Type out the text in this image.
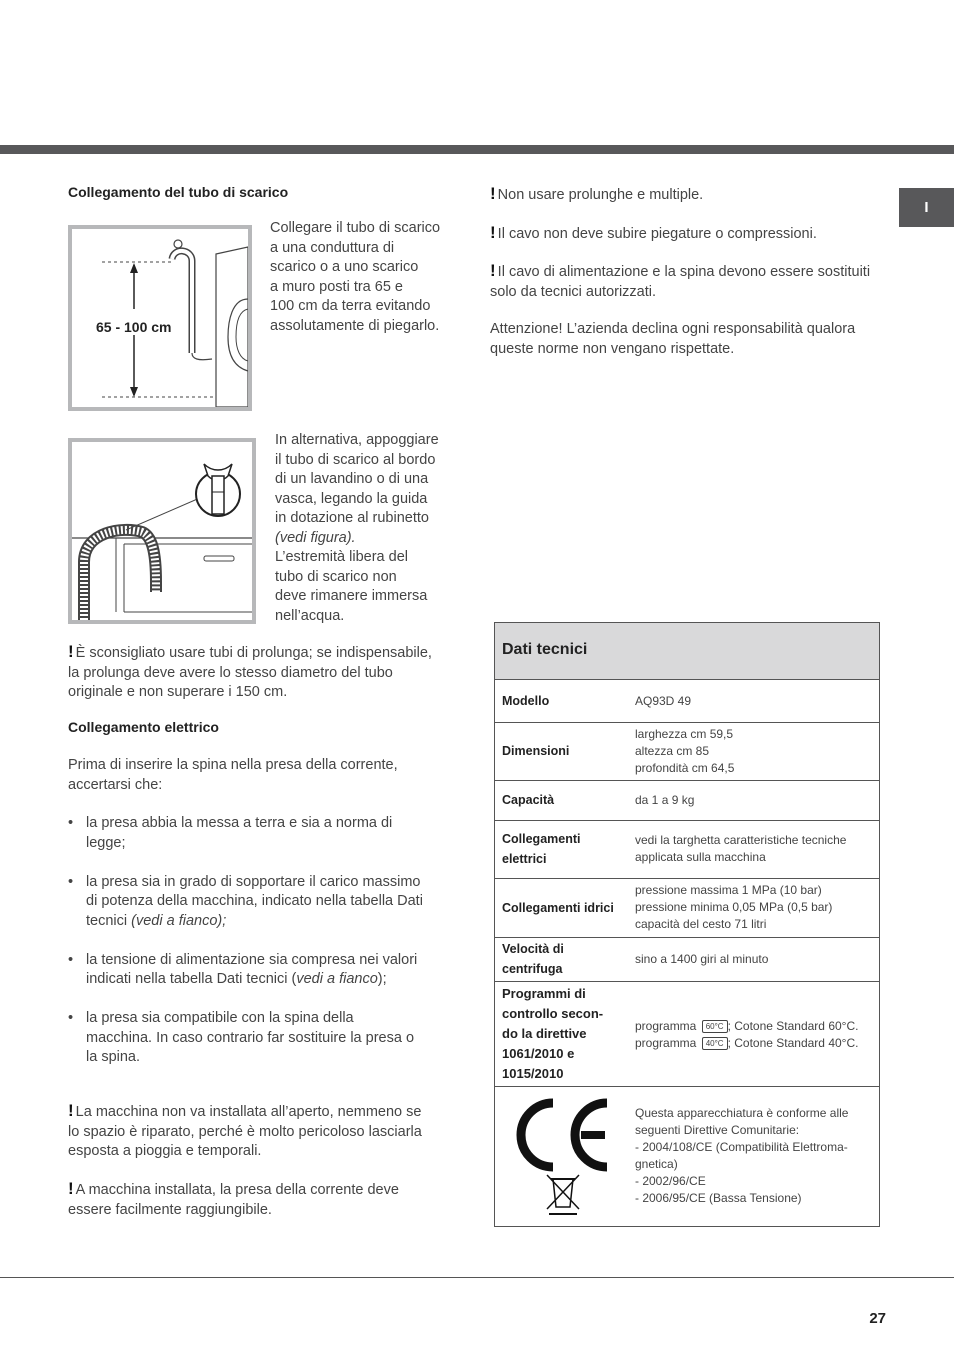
I
Collegamento del tubo di scarico
65 - 100 cm
Collegare il tubo di scarico
a una conduttura di
scarico o a uno scarico
a muro posti tra 65 e
100 cm da terra evitando
assolutamente di piegarlo.
In alternativa, appoggiare
il tubo di scarico al bordo
di un lavandino o di una
vasca, legando la guida
in dotazione al rubinetto
(vedi figura).
L’estremità libera del
tubo di scarico non
deve rimanere immersa
nell’acqua.
! È sconsigliato usare tubi di prolunga; se indispensabile, la prolunga deve avere lo stesso diametro del tubo originale e non superare i 150 cm.
Collegamento elettrico
Prima di inserire la spina nella presa della corrente, accertarsi che:
• la presa abbia la messa a terra e sia a norma di legge;
• la presa sia in grado di sopportare il carico massimo di potenza della macchina, indicato nella tabella Dati tecnici (vedi a fianco);
• la tensione di alimentazione sia compresa nei valori indicati nella tabella Dati tecnici (vedi a fianco);
• la presa sia compatibile con la spina della macchina. In caso contrario far sostituire la presa o la spina.
! La macchina non va installata all’aperto, nemmeno se lo spazio è riparato, perché è molto pericoloso lasciarla esposta a pioggia e temporali.
! A macchina installata, la presa della corrente deve essere facilmente raggiungibile.
! Non usare prolunghe e multiple.
! Il cavo non deve subire piegature o compressioni.
! Il cavo di alimentazione e la spina devono essere sostituiti solo da tecnici autorizzati.
Attenzione! L’azienda declina ogni responsabilità qualora queste norme non vengano rispettate.
Dati tecnici
Modello	AQ93D 49
Dimensioni
larghezza cm 59,5
altezza cm 85
profondità cm 64,5
Capacità	da 1 a 9 kg
Collegamenti
elettrici
vedi la targhetta caratteristiche tecniche
applicata sulla macchina
Collegamenti idrici
pressione massima 1 MPa (10 bar)
pressione minima 0,05 MPa (0,5 bar)
capacità del cesto 71 litri
Velocità di
centrifuga
sino a 1400 giri al minuto
Programmi di
controllo secon-
do la direttive
1061/2010 e
1015/2010
programma 60°C ; Cotone Standard 60°C.
programma 40°C ; Cotone Standard 40°C.
Questa apparecchiatura è conforme alle
seguenti Direttive Comunitarie:
- 2004/108/CE (Compatibilità Elettroma-
gnetica)
- 2002/96/CE
- 2006/95/CE (Bassa Tensione)
27
